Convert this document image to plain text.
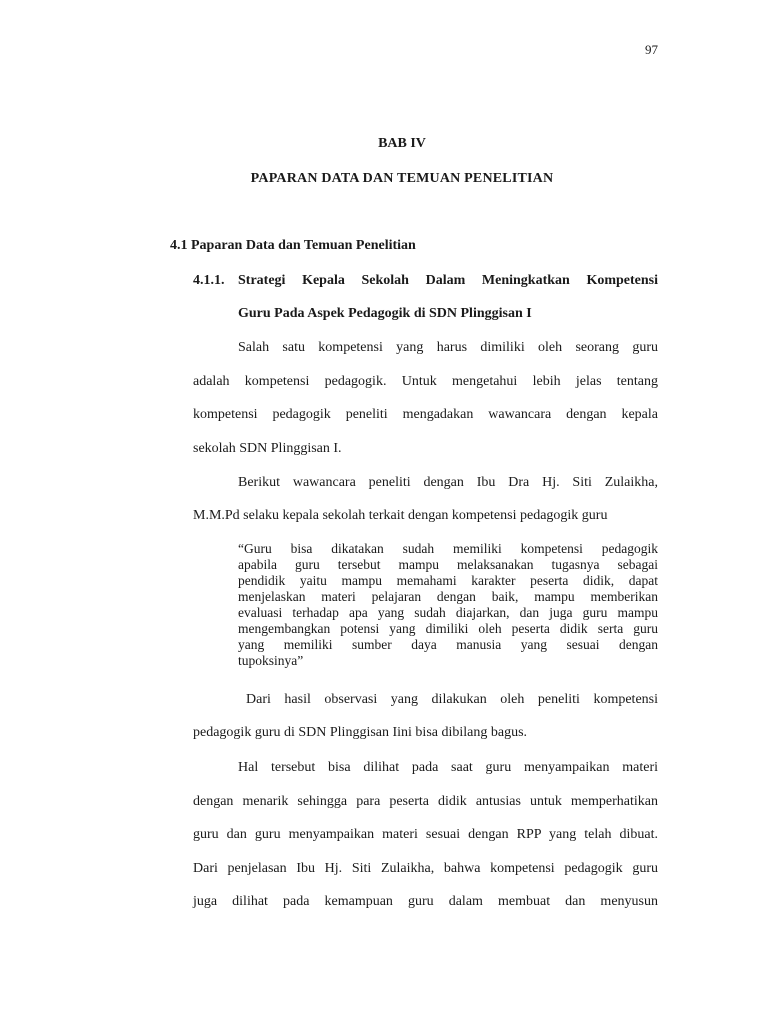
97

BAB IV

PAPARAN DATA DAN TEMUAN PENELITIAN

4.1 Paparan Data dan Temuan Penelitian

4.1.1. Strategi Kepala Sekolah Dalam Meningkatkan Kompetensi

Guru Pada Aspek Pedagogik di SDN Plinggisan I

Salah satu kompetensi yang harus dimiliki oleh seorang guru

adalah kompetensi pedagogik. Untuk mengetahui lebih jelas tentang

kompetensi pedagogik peneliti mengadakan wawancara dengan kepala

sekolah SDN Plinggisan I.

Berikut wawancara peneliti dengan Ibu Dra Hj. Siti Zulaikha,

M.M.Pd selaku kepala sekolah terkait dengan kompetensi pedagogik guru

“Guru bisa dikatakan sudah memiliki kompetensi pedagogik

apabila guru tersebut mampu melaksanakan tugasnya sebagai

pendidik yaitu mampu memahami karakter peserta didik, dapat

menjelaskan materi pelajaran dengan baik, mampu memberikan

evaluasi terhadap apa yang sudah diajarkan, dan juga guru mampu

mengembangkan potensi yang dimiliki oleh peserta didik serta guru

yang memiliki sumber daya manusia yang sesuai dengan

tupoksinya”

Dari hasil observasi yang dilakukan oleh peneliti kompetensi

pedagogik guru di SDN Plinggisan Iini bisa dibilang bagus.

Hal tersebut bisa dilihat pada saat guru menyampaikan materi

dengan menarik sehingga para peserta didik antusias untuk memperhatikan

guru dan guru menyampaikan materi sesuai dengan RPP yang telah dibuat.

Dari penjelasan Ibu Hj. Siti Zulaikha, bahwa kompetensi pedagogik guru

juga dilihat pada kemampuan guru dalam membuat dan menyusun
